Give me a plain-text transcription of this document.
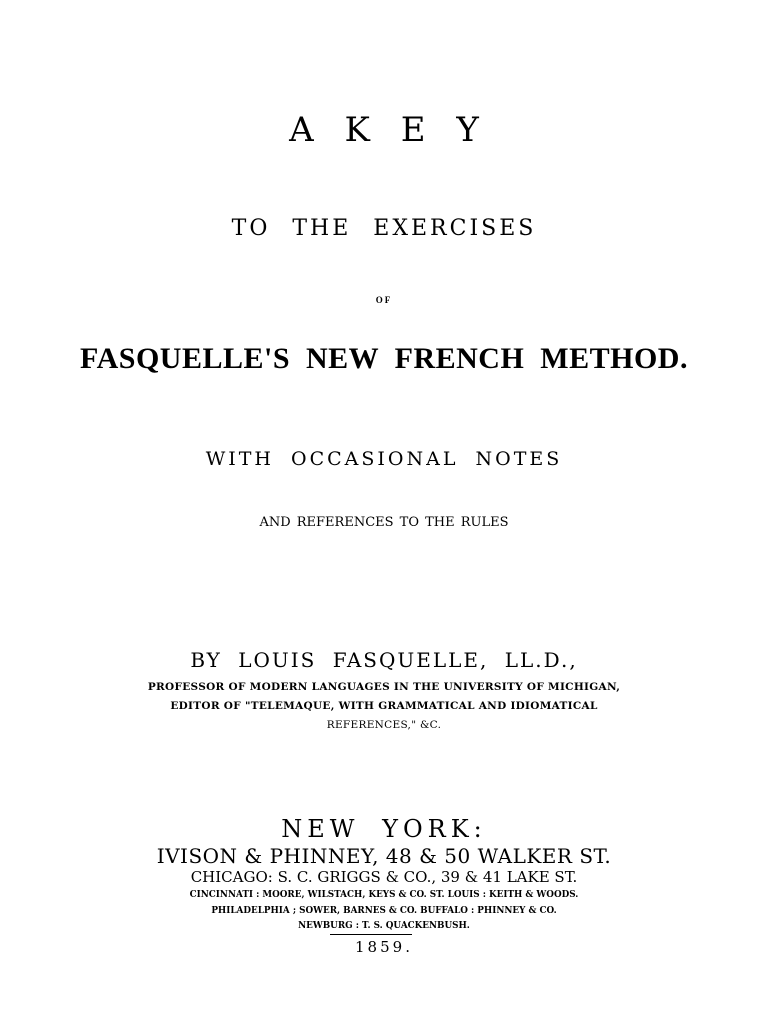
A K E Y
TO THE EXERCISES
OF
FASQUELLE'S NEW FRENCH METHOD.
WITH OCCASIONAL NOTES
AND REFERENCES TO THE RULES
BY LOUIS FASQUELLE, LL.D.,
PROFESSOR OF MODERN LANGUAGES IN THE UNIVERSITY OF MICHIGAN,
EDITOR OF "TELEMAQUE, WITH GRAMMATICAL AND IDIOMATICAL
REFERENCES," &C.
NEW YORK:
IVISON & PHINNEY, 48 & 50 WALKER ST.
CHICAGO: S. C. GRIGGS & CO., 39 & 41 LAKE ST.
CINCINNATI : MOORE, WILSTACH, KEYS & CO. ST. LOUIS : KEITH & WOODS.
PHILADELPHIA ; SOWER, BARNES & CO. BUFFALO : PHINNEY & CO.
NEWBURG : T. S. QUACKENBUSH.
1859.
